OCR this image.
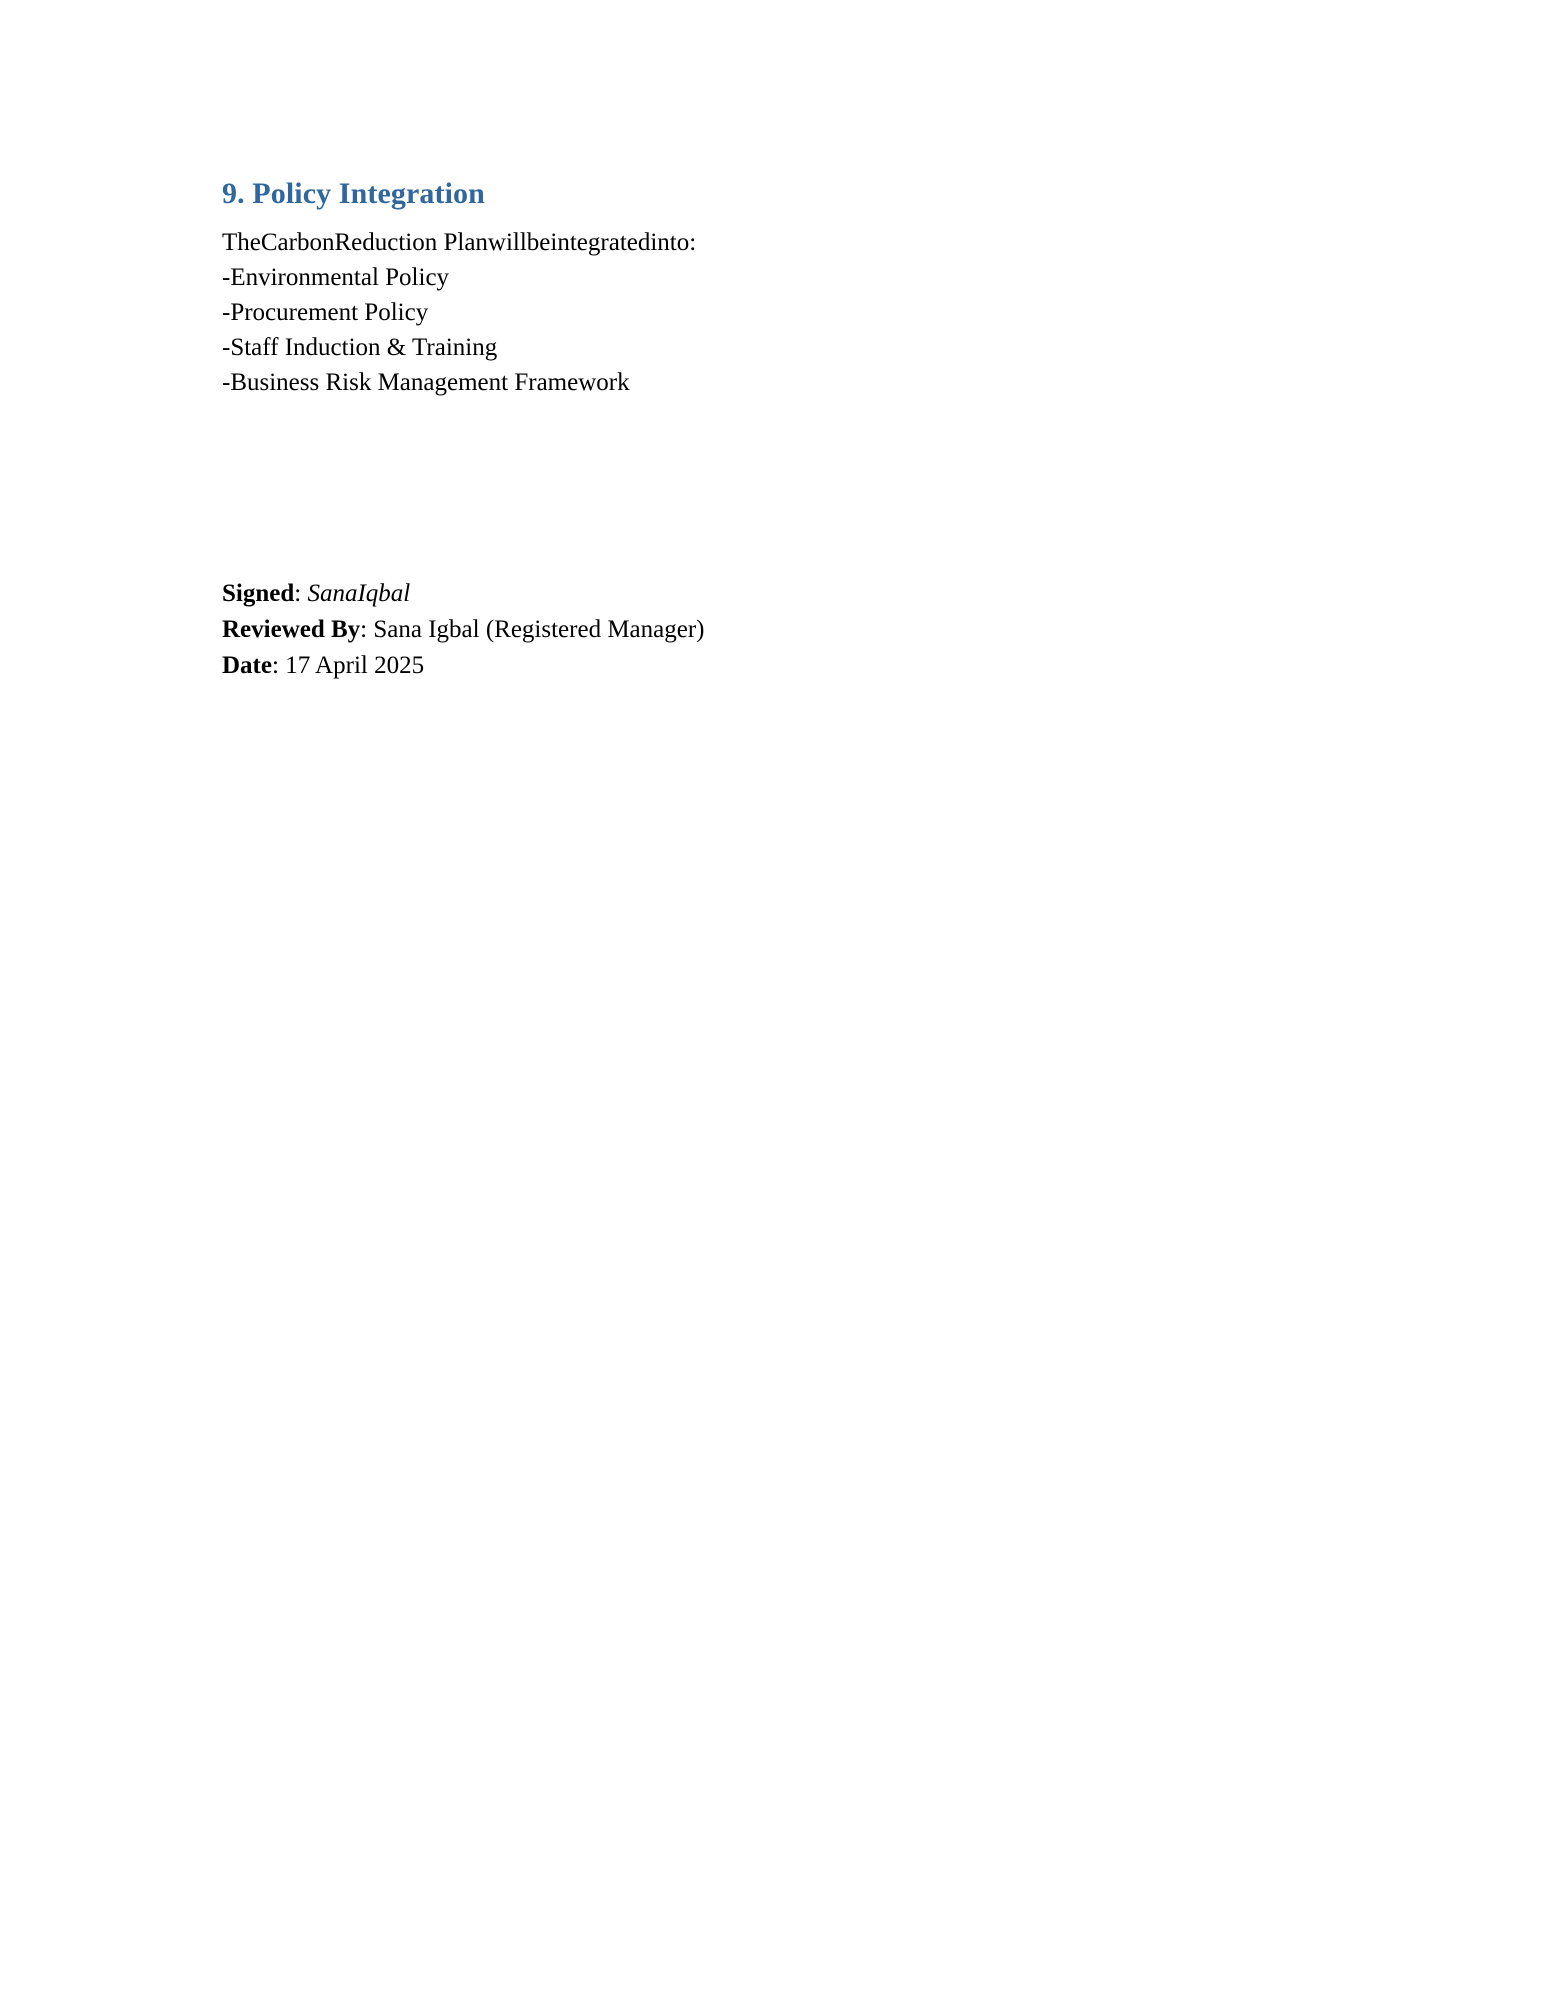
9. Policy Integration

TheCarbonReduction Planwillbeintegratedinto:

-Environmental Policy

-Procurement Policy

-Staff Induction & Training

-Business Risk Management Framework

Signed: SanaIqbal

Reviewed By: Sana Igbal (Registered Manager)

Date: 17 April 2025
